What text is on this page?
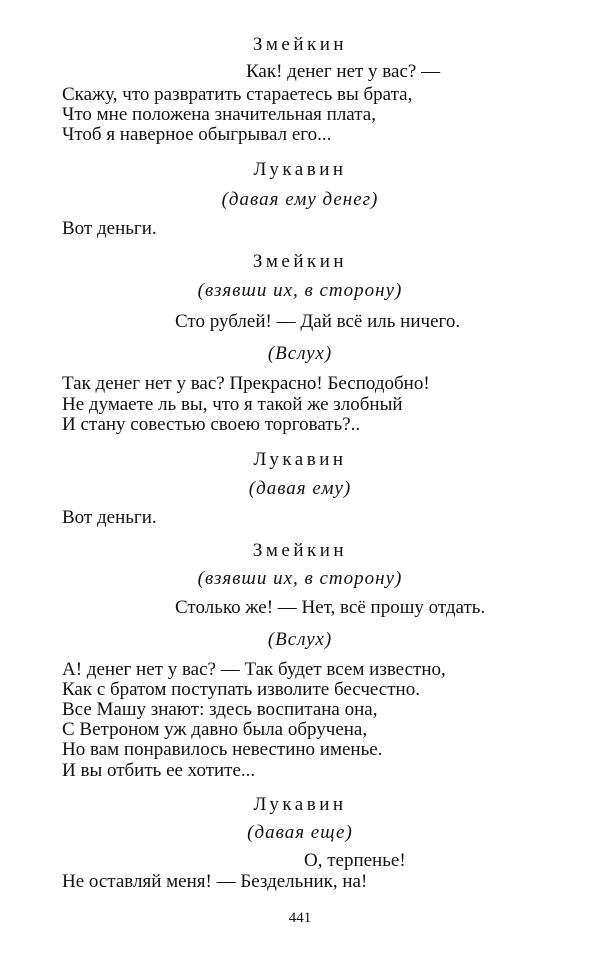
Змейкин
Как! денег нет у вас? —
Скажу, что развратить стараетесь вы брата,
Что мне положена значительная плата,
Чтоб я наверное обыгрывал его...
Лукавин
(давая ему денег)
Вот деньги.
Змейкин
(взявши их, в сторону)
Сто рублей! — Дай всё иль ничего.
(Вслух)
Так денег нет у вас? Прекрасно! Бесподобно!
Не думаете ль вы, что я такой же злобный
И стану совестью своею торговать?..
Лукавин
(давая ему)
Вот деньги.
Змейкин
(взявши их, в сторону)
Столько же! — Нет, всё прошу отдать.
(Вслух)
А! денег нет у вас? — Так будет всем известно,
Как с братом поступать изволите бесчестно.
Все Машу знают: здесь воспитана она,
С Ветроном уж давно была обручена,
Но вам понравилось невестино именье.
И вы отбить ее хотите...
Лукавин
(давая еще)
О, терпенье!
Не оставляй меня! — Бездельник, на!
441
